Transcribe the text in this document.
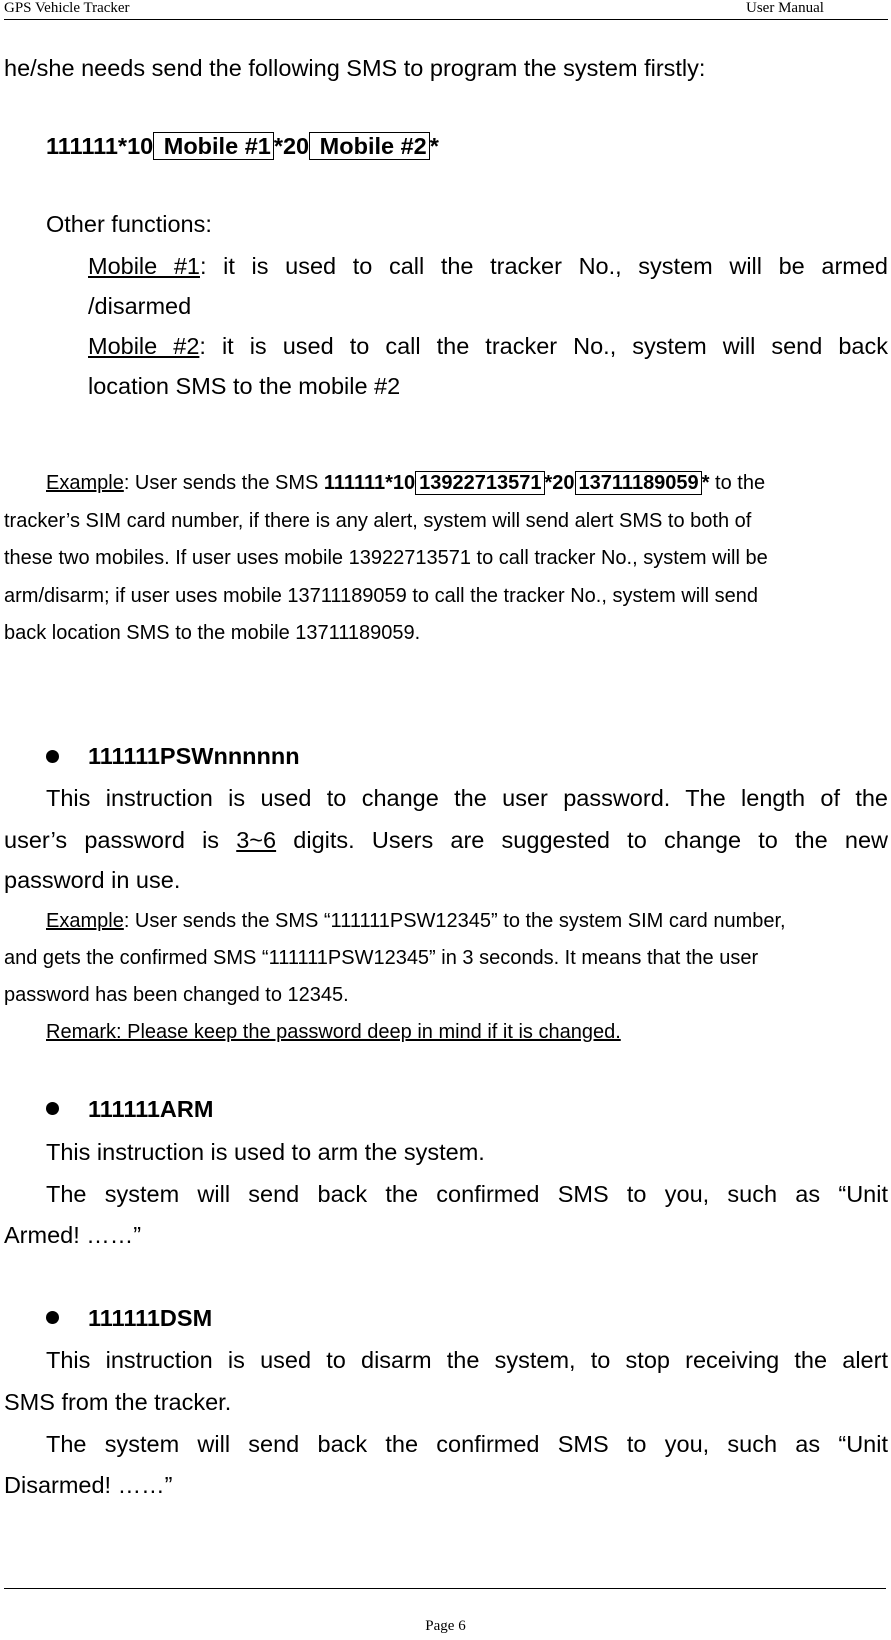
GPS Vehicle Tracker	User Manual
he/she needs send the following SMS to program the system firstly:
111111*10 Mobile #1 *20 Mobile #2 *
Other functions:
Mobile #1: it is used to call the tracker No., system will be armed
/disarmed
Mobile #2: it is used to call the tracker No., system will send back
location SMS to the mobile #2
Example: User sends the SMS 111111*10 13922713571 *20 13711189059 * to the
tracker’s SIM card number, if there is any alert, system will send alert SMS to both of
these two mobiles. If user uses mobile 13922713571 to call tracker No., system will be
arm/disarm; if user uses mobile 13711189059 to call the tracker No., system will send
back location SMS to the mobile 13711189059.
111111PSWnnnnnn
This instruction is used to change the user password. The length of the
user’s password is 3~6 digits. Users are suggested to change to the new
password in use.
Example: User sends the SMS “111111PSW12345” to the system SIM card number,
and gets the confirmed SMS “111111PSW12345” in 3 seconds. It means that the user
password has been changed to 12345.
Remark: Please keep the password deep in mind if it is changed.
111111ARM
This instruction is used to arm the system.
The system will send back the confirmed SMS to you, such as “Unit
Armed! ……”
111111DSM
This instruction is used to disarm the system, to stop receiving the alert
SMS from the tracker.
The system will send back the confirmed SMS to you, such as “Unit
Disarmed! ……”
Page 6
